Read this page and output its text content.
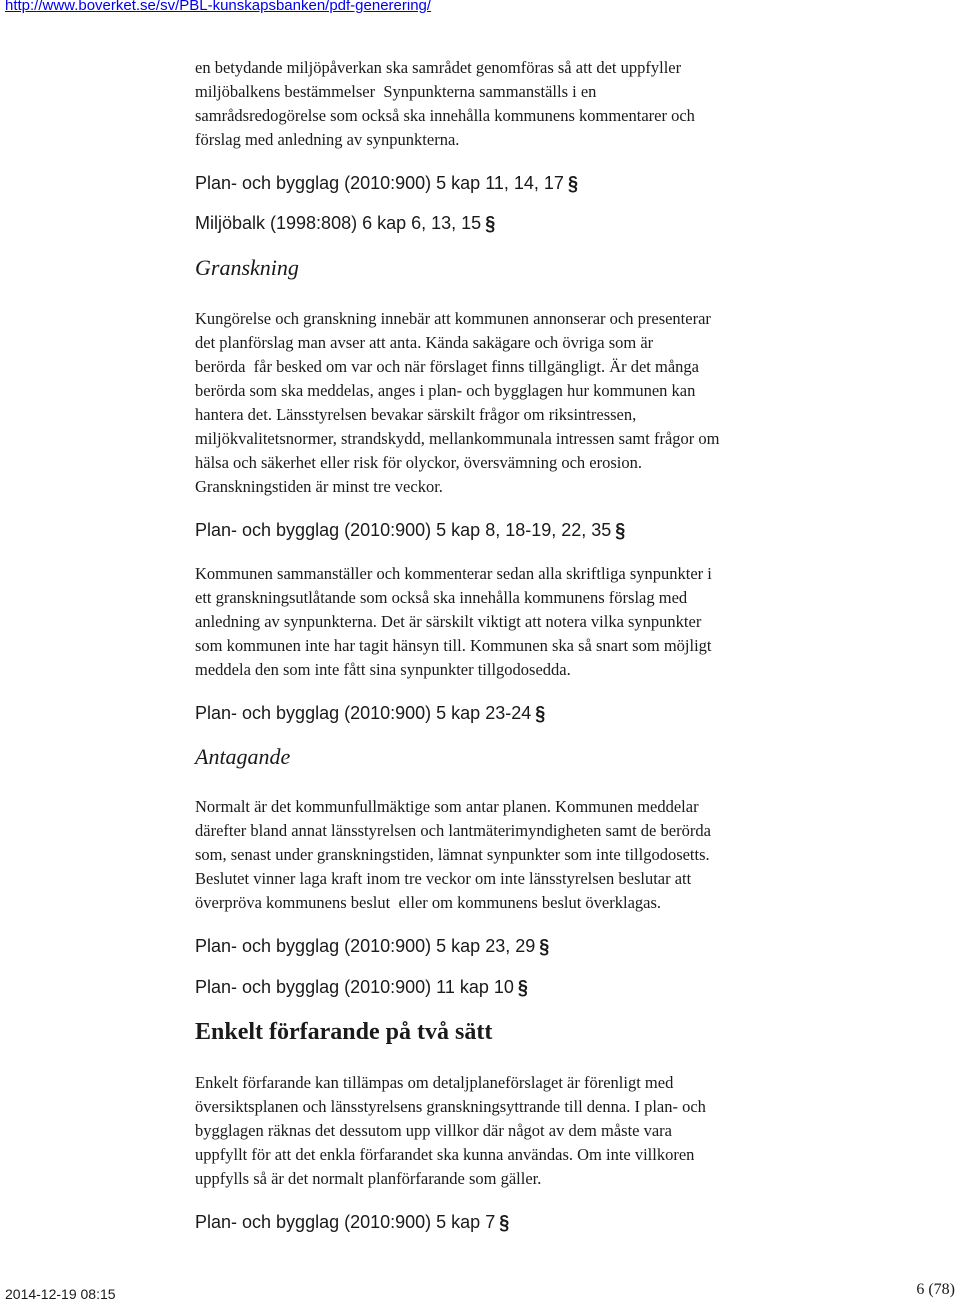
http://www.boverket.se/sv/PBL-kunskapsbanken/pdf-generering/
en betydande miljöpåverkan ska samrådet genomföras så att det uppfyller
miljöbalkens bestämmelser  Synpunkterna sammanställs i en
samrådsredogörelse som också ska innehålla kommunens kommentarer och
förslag med anledning av synpunkterna.
Plan- och bygglag (2010:900) 5 kap 11, 14, 17 §
Miljöbalk (1998:808) 6 kap 6, 13, 15 §
Granskning
Kungörelse och granskning innebär att kommunen annonserar och presenterar
det planförslag man avser att anta. Kända sakägare och övriga som är
berörda  får besked om var och när förslaget finns tillgängligt. Är det många
berörda som ska meddelas, anges i plan- och bygglagen hur kommunen kan
hantera det. Länsstyrelsen bevakar särskilt frågor om riksintressen,
miljökvalitetsnormer, strandskydd, mellankommunala intressen samt frågor om
hälsa och säkerhet eller risk för olyckor, översvämning och erosion.
Granskningstiden är minst tre veckor.
Plan- och bygglag (2010:900) 5 kap 8, 18-19, 22, 35 §
Kommunen sammanställer och kommenterar sedan alla skriftliga synpunkter i
ett granskningsutlåtande som också ska innehålla kommunens förslag med
anledning av synpunkterna. Det är särskilt viktigt att notera vilka synpunkter
som kommunen inte har tagit hänsyn till. Kommunen ska så snart som möjligt
meddela den som inte fått sina synpunkter tillgodosedda.
Plan- och bygglag (2010:900) 5 kap 23-24 §
Antagande
Normalt är det kommunfullmäktige som antar planen. Kommunen meddelar
därefter bland annat länsstyrelsen och lantmäterimyndigheten samt de berörda
som, senast under granskningstiden, lämnat synpunkter som inte tillgodosetts.
Beslutet vinner laga kraft inom tre veckor om inte länsstyrelsen beslutar att
överpröva kommunens beslut  eller om kommunens beslut överklagas.
Plan- och bygglag (2010:900) 5 kap 23, 29 §
Plan- och bygglag (2010:900) 11 kap 10 §
Enkelt förfarande på två sätt
Enkelt förfarande kan tillämpas om detaljplaneförslaget är förenligt med
översiktsplanen och länsstyrelsens granskningsyttrande till denna. I plan- och
bygglagen räknas det dessutom upp villkor där något av dem måste vara
uppfyllt för att det enkla förfarandet ska kunna användas. Om inte villkoren
uppfylls så är det normalt planförfarande som gäller.
Plan- och bygglag (2010:900) 5 kap 7 §
2014-12-19 08:15	6 (78)
